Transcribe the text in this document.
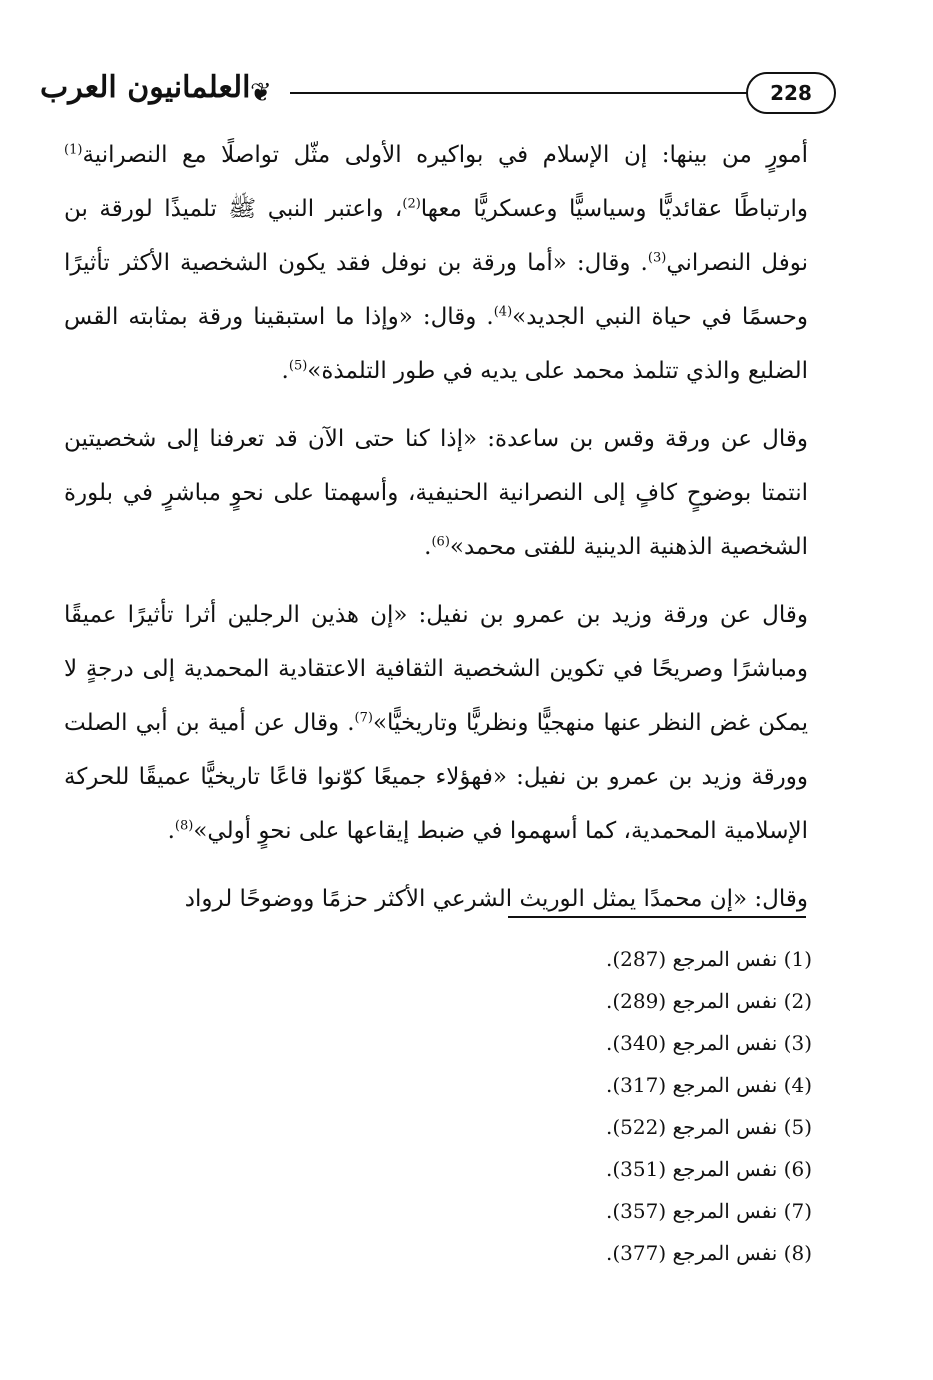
العلمانيون العرب ❦	228

أمورٍ من بينها: إن الإسلام في بواكيره الأولى مثّل تواصلًا مع النصرانية$^{(1)}$ وارتباطًا عقائديًّا وسياسيًّا وعسكريًّا معها$^{(2)}$، واعتبر النبي ﷺ تلميذًا لورقة بن نوفل النصراني$^{(3)}$. وقال: «أما ورقة بن نوفل فقد يكون الشخصية الأكثر تأثيرًا وحسمًا في حياة النبي الجديد»$^{(4)}$. وقال: «وإذا ما استبقينا ورقة بمثابته القس الضليع والذي تتلمذ محمد على يديه في طور التلمذة»$^{(5)}$.

وقال عن ورقة وقس بن ساعدة: «إذا كنا حتى الآن قد تعرفنا إلى شخصيتين انتمتا بوضوحٍ كافٍ إلى النصرانية الحنيفية، وأسهمتا على نحوٍ مباشرٍ في بلورة الشخصية الذهنية الدينية للفتى محمد»$^{(6)}$.

وقال عن ورقة وزيد بن عمرو بن نفيل: «إن هذين الرجلين أثرا تأثيرًا عميقًا ومباشرًا وصريحًا في تكوين الشخصية الثقافية الاعتقادية المحمدية إلى درجةٍ لا يمكن غض النظر عنها منهجيًّا ونظريًّا وتاريخيًّا»$^{(7)}$. وقال عن أمية بن أبي الصلت وورقة وزيد بن عمرو بن نفيل: «فهؤلاء جميعًا كوّنوا قاعًا تاريخيًّا عميقًا للحركة الإسلامية المحمدية، كما أسهموا في ضبط إيقاعها على نحوٍ أولي»$^{(8)}$.

وقال: «إن محمدًا يمثل الوريث الشرعي الأكثر حزمًا ووضوحًا لرواد

(1) نفس المرجع (287).
(2) نفس المرجع (289).
(3) نفس المرجع (340).
(4) نفس المرجع (317).
(5) نفس المرجع (522).
(6) نفس المرجع (351).
(7) نفس المرجع (357).
(8) نفس المرجع (377).
